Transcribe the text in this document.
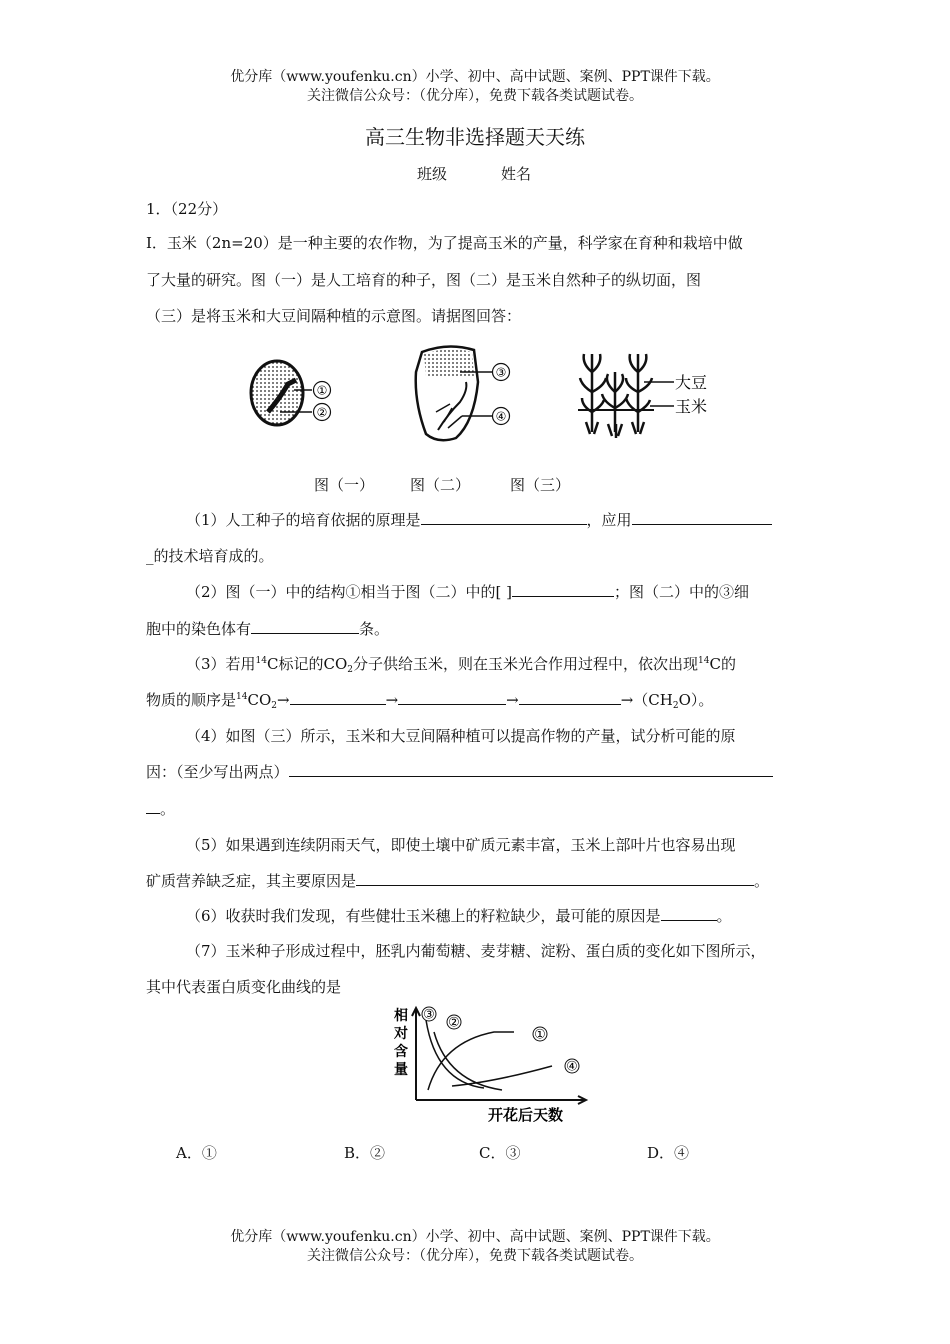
优分库（www.youfenku.cn）小学、初中、高中试题、案例、PPT课件下载。
关注微信公众号：（优分库），免费下载各类试题试卷。
高三生物非选择题天天练
班级	姓名
1．（22分）
I．玉米（2n=20）是一种主要的农作物，为了提高玉米的产量，科学家在育种和栽培中做
了大量的研究。图（一）是人工培育的种子，图（二）是玉米自然种子的纵切面，图
（三）是将玉米和大豆间隔种植的示意图。请据图回答：
①
②
③
④
大豆
玉米
图（一） 图（二）	图（三）
（1）人工种子的培育依据的原理是	，应用
_的技术培育成的。
（2）图（一）中的结构①相当于图（二）中的[ ]	；图（二）中的③细
胞中的染色体有	条。
（3）若用$^{14}$C标记的$CO_2$分子供给玉米，则在玉米光合作用过程中，依次出现$^{14}$C的
物质的顺序是$^{14}CO_2\to$	→	→	$\to(CH_2O)$。
（4）如图（三）所示，玉米和大豆间隔种植可以提高作物的产量，试分析可能的原
因：（至少写出两点）
。
（5）如果遇到连续阴雨天气，即使土壤中矿质元素丰富，玉米上部叶片也容易出现
矿质营养缺乏症，其主要原因是	。
（6）收获时我们发现，有些健壮玉米穗上的籽粒缺少，最可能的原因是	。
（7）玉米种子形成过程中，胚乳内葡萄糖、麦芽糖、淀粉、蛋白质的变化如下图所示，
其中代表蛋白质变化曲线的是
相
对
含
量
③
②
①
④
开花后天数
A．①	B．②	C．③	D．④
优分库（www.youfenku.cn）小学、初中、高中试题、案例、PPT课件下载。
关注微信公众号：（优分库），免费下载各类试题试卷。
